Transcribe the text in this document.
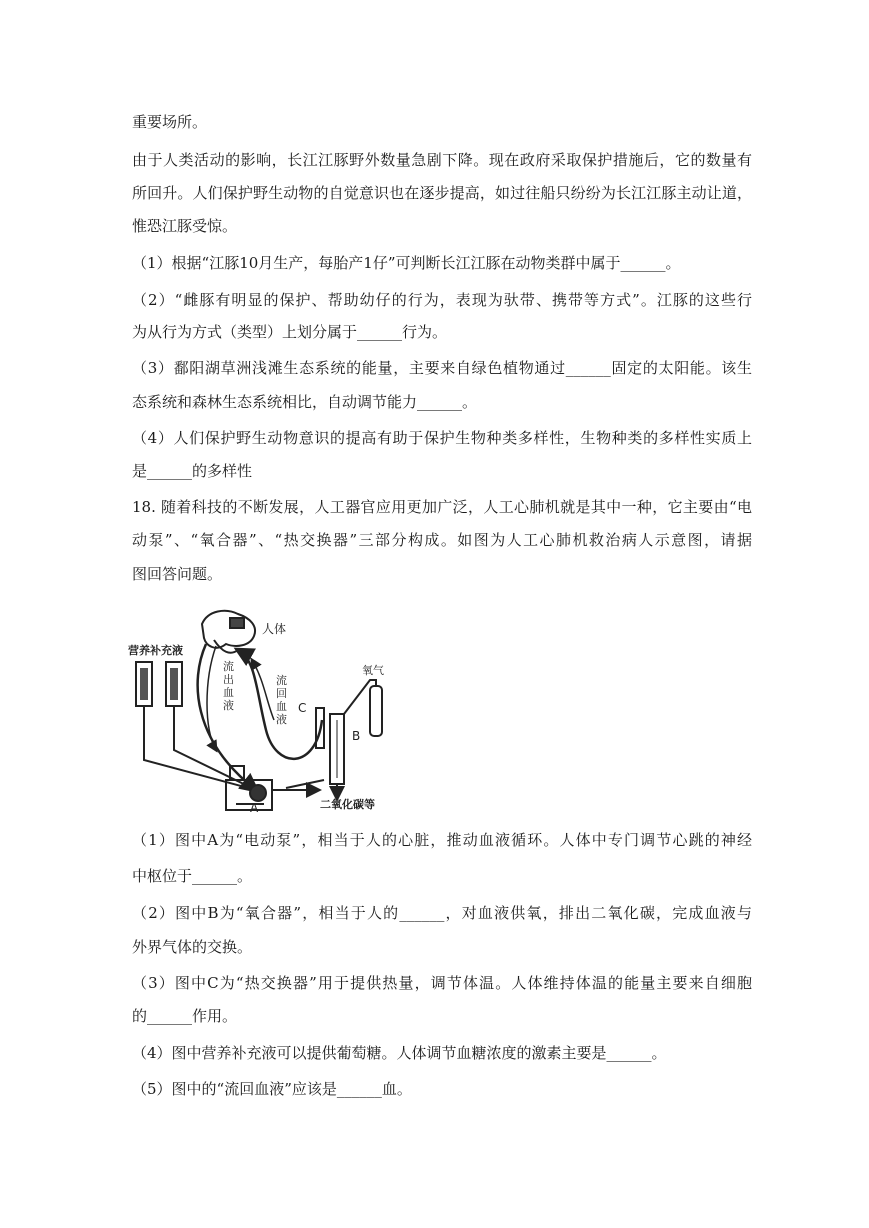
重要场所。
由于人类活动的影响，长江江豚野外数量急剧下降。现在政府采取保护措施后，它的数量有
所回升。人们保护野生动物的自觉意识也在逐步提高，如过往船只纷纷为长江江豚主动让道，
惟恐江豚受惊。
（1）根据“江豚10月生产，每胎产1仔”可判断长江江豚在动物类群中属于______。
（2）“雌豚有明显的保护、帮助幼仔的行为，表现为驮带、携带等方式”。江豚的这些行
为从行为方式（类型）上划分属于______行为。
（3）鄱阳湖草洲浅滩生态系统的能量，主要来自绿色植物通过______固定的太阳能。该生
态系统和森林生态系统相比，自动调节能力______。
（4）人们保护野生动物意识的提高有助于保护生物种类多样性，生物种类的多样性实质上
是______的多样性
18. 随着科技的不断发展，人工器官应用更加广泛，人工心肺机就是其中一种，它主要由“电
动泵”、“氧合器”、“热交换器”三部分构成。如图为人工心肺机救治病人示意图，请据
图回答问题。
人体
营养补充液
流出血液
A
流回血液
C
B
氧气
二氧化碳等
（1）图中A为“电动泵”，相当于人的心脏，推动血液循环。人体中专门调节心跳的神经
中枢位于______。
（2）图中B为“氧合器”，相当于人的______，对血液供氧，排出二氧化碳，完成血液与
外界气体的交换。
（3）图中C为“热交换器”用于提供热量，调节体温。人体维持体温的能量主要来自细胞
的______作用。
（4）图中营养补充液可以提供葡萄糖。人体调节血糖浓度的激素主要是______。
（5）图中的“流回血液”应该是______血。
